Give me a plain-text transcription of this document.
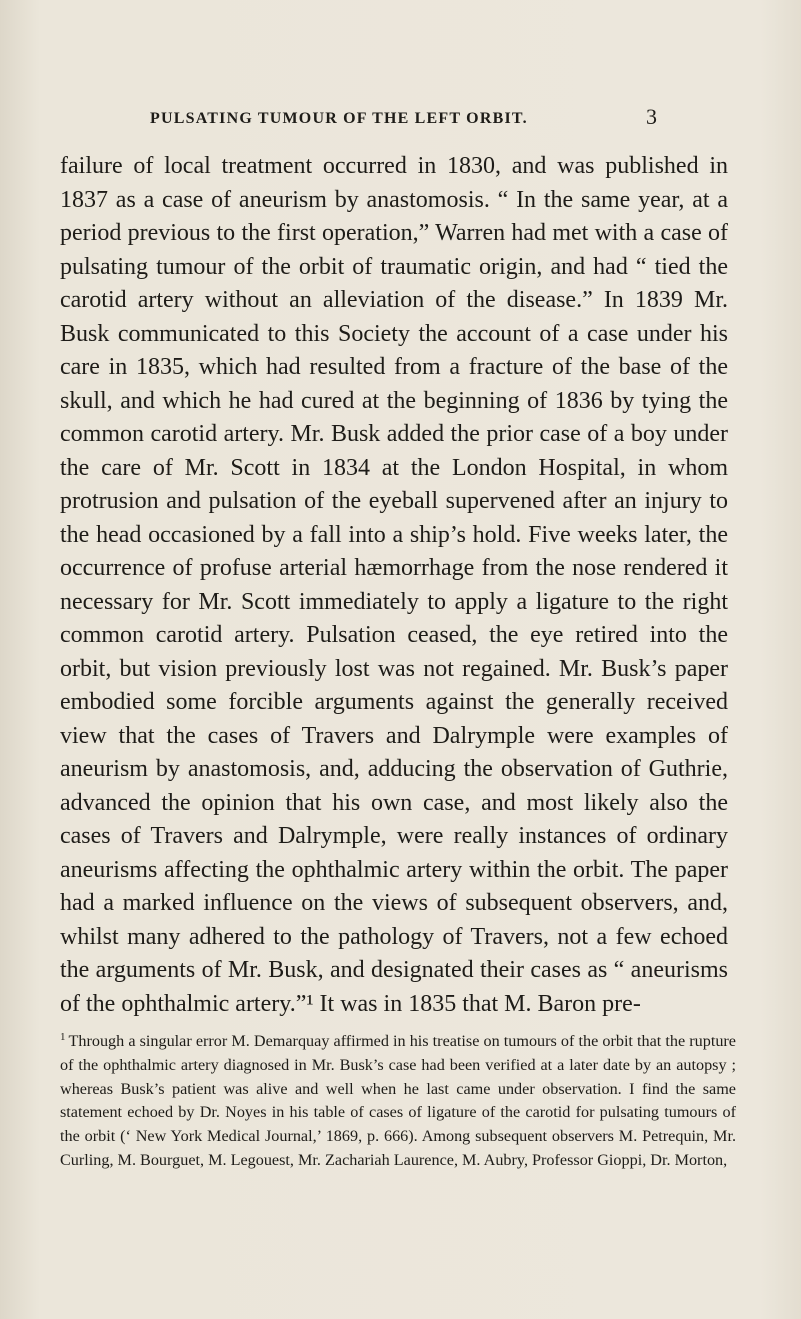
PULSATING TUMOUR OF THE LEFT ORBIT.	3

failure of local treatment occurred in 1830, and was published in 1837 as a case of aneurism by anastomosis. “ In the same year, at a period previous to the first operation,” Warren had met with a case of pulsating tumour of the orbit of traumatic origin, and had “ tied the carotid artery without an alleviation of the disease.” In 1839 Mr. Busk communicated to this Society the account of a case under his care in 1835, which had resulted from a fracture of the base of the skull, and which he had cured at the beginning of 1836 by tying the common carotid artery. Mr. Busk added the prior case of a boy under the care of Mr. Scott in 1834 at the London Hospital, in whom protrusion and pulsation of the eyeball supervened after an injury to the head occasioned by a fall into a ship’s hold. Five weeks later, the occurrence of profuse arterial hæmorrhage from the nose rendered it necessary for Mr. Scott immediately to apply a ligature to the right common carotid artery. Pulsation ceased, the eye retired into the orbit, but vision previously lost was not regained. Mr. Busk’s paper embodied some forcible arguments against the generally received view that the cases of Travers and Dalrymple were examples of aneurism by anastomosis, and, adducing the observation of Guthrie, advanced the opinion that his own case, and most likely also the cases of Travers and Dalrymple, were really instances of ordinary aneurisms affecting the ophthalmic artery within the orbit. The paper had a marked influence on the views of subsequent observers, and, whilst many adhered to the pathology of Travers, not a few echoed the arguments of Mr. Busk, and designated their cases as “ aneurisms of the ophthalmic artery.”¹ It was in 1835 that M. Baron pre-

$^1$ Through a singular error M. Demarquay affirmed in his treatise on tumours of the orbit that the rupture of the ophthalmic artery diagnosed in Mr. Busk’s case had been verified at a later date by an autopsy ; whereas Busk’s patient was alive and well when he last came under observation. I find the same statement echoed by Dr. Noyes in his table of cases of ligature of the carotid for pulsating tumours of the orbit (‘ New York Medical Journal,’ 1869, p. 666). Among subsequent observers M. Petrequin, Mr. Curling, M. Bourguet, M. Legouest, Mr. Zachariah Laurence, M. Aubry, Professor Gioppi, Dr. Morton,
